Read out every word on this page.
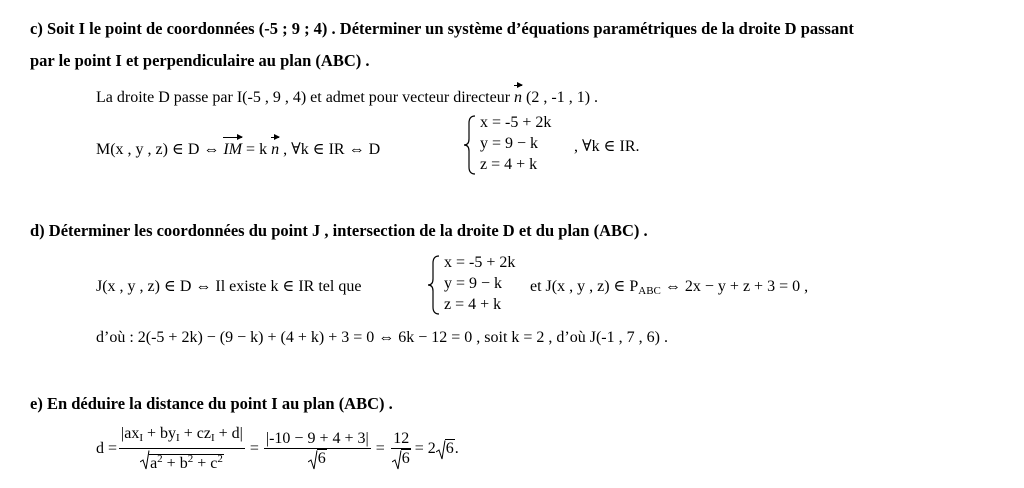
c) Soit I le point de coordonnées (-5 ; 9 ; 4) . Déterminer un système d’équations paramétriques de la droite D passant
par le point I et perpendiculaire au plan (ABC) .
La droite D passe par I(-5 , 9 , 4) et admet pour vecteur directeur n (2 , -1 , 1) .
M(x , y , z) ∈ D ⇔ IM = k n , ∀k ∈ IR ⇔ D
x = -5 + 2k
y = 9 − k
z = 4 + k
, ∀k ∈ IR.
d) Déterminer les coordonnées du point J , intersection de la droite D et du plan (ABC) .
J(x , y , z) ∈ D ⇔ Il existe k ∈ IR tel que
x = -5 + 2k
y = 9 − k
z = 4 + k
et J(x , y , z) ∈ $P_{ABC}$ ⇔ 2x − y + z + 3 = 0 ,
d’où : 2(-5 + 2k) − (9 − k) + (4 + k) + 3 = 0 ⇔ 6k − 12 = 0 , soit k = 2 , d’où J(-1 , 7 , 6) .
e) En déduire la distance du point I au plan (ABC) .
$d = \frac{|ax_I + by_I + cz_I + d|}{a^2 + b^2 + c^2} = \frac{|-10 - 9 + 4 + 3|}{6} = \frac{12}{6} = 2$ 6 .
